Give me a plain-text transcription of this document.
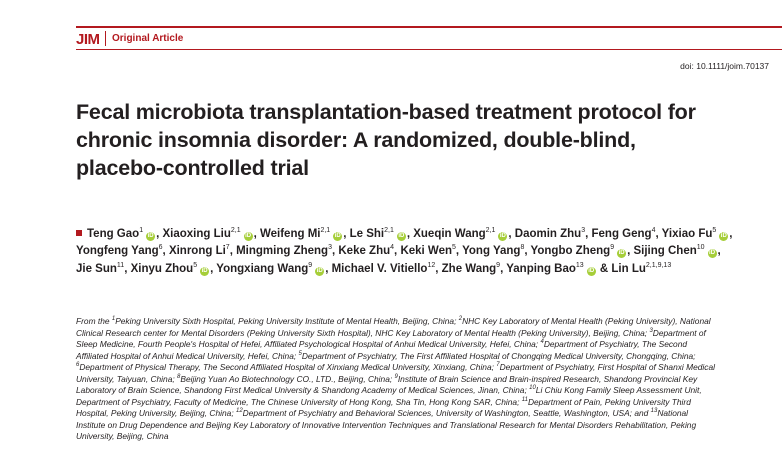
JIM Original Article
doi: 10.1111/joim.70137
Fecal microbiota transplantation-based treatment protocol for chronic insomnia disorder: A randomized, double-blind, placebo-controlled trial

Teng Gao$^1$iD , Xiaoxing Liu$^{2,1}$iD , Weifeng Mi$^{2,1}$iD , Le Shi$^{2,1}$iD , Xueqin Wang$^{2,1}$iD , Daomin Zhu$^3$, Feng Geng$^4$, Yixiao Fu$^5$iD , Yongfeng Yang$^6$, Xinrong Li$^7$, Mingming Zheng$^3$, Keke Zhu$^4$, Keki Wen$^5$, Yong Yang$^8$, Yongbo Zheng$^9$iD , Sijing Chen$^{10}$iD , Jie Sun$^{11}$, Xinyu Zhou$^5$iD , Yongxiang Wang$^9$iD , Michael V. Vitiello$^{12}$, Zhe Wang$^9$, Yanping Bao$^{13}$iD & Lin Lu$^{2,1,9,13}$

From the $^1$Peking University Sixth Hospital, Peking University Institute of Mental Health, Beijing, China; $^2$NHC Key Laboratory of Mental Health (Peking University), National Clinical Research center for Mental Disorders (Peking University Sixth Hospital), NHC Key Laboratory of Mental Health (Peking University), Beijing, China; $^3$Department of Sleep Medicine, Fourth People's Hospital of Hefei, Affiliated Psychological Hospital of Anhui Medical University, Hefei, China; $^4$Department of Psychiatry, The Second Affiliated Hospital of Anhui Medical University, Hefei, China; $^5$Department of Psychiatry, The First Affiliated Hospital of Chongqing Medical University, Chongqing, China; $^6$Department of Physical Therapy, The Second Affiliated Hospital of Xinxiang Medical University, Xinxiang, China; $^7$Department of Psychiatry, First Hospital of Shanxi Medical University, Taiyuan, China; $^8$Beijing Yuan Ao Biotechnology CO., LTD., Beijing, China; $^9$Institute of Brain Science and Brain-inspired Research, Shandong Provincial Key Laboratory of Brain Science, Shandong First Medical University & Shandong Academy of Medical Sciences, Jinan, China; $^{10}$Li Chiu Kong Family Sleep Assessment Unit, Department of Psychiatry, Faculty of Medicine, The Chinese University of Hong Kong, Sha Tin, Hong Kong SAR, China; $^{11}$Department of Pain, Peking University Third Hospital, Peking University, Beijing, China; $^{12}$Department of Psychiatry and Behavioral Sciences, University of Washington, Seattle, Washington, USA; and $^{13}$National Institute on Drug Dependence and Beijing Key Laboratory of Innovative Intervention Techniques and Translational Research for Mental Disorders Rehabilitation, Peking University, Beijing, China
